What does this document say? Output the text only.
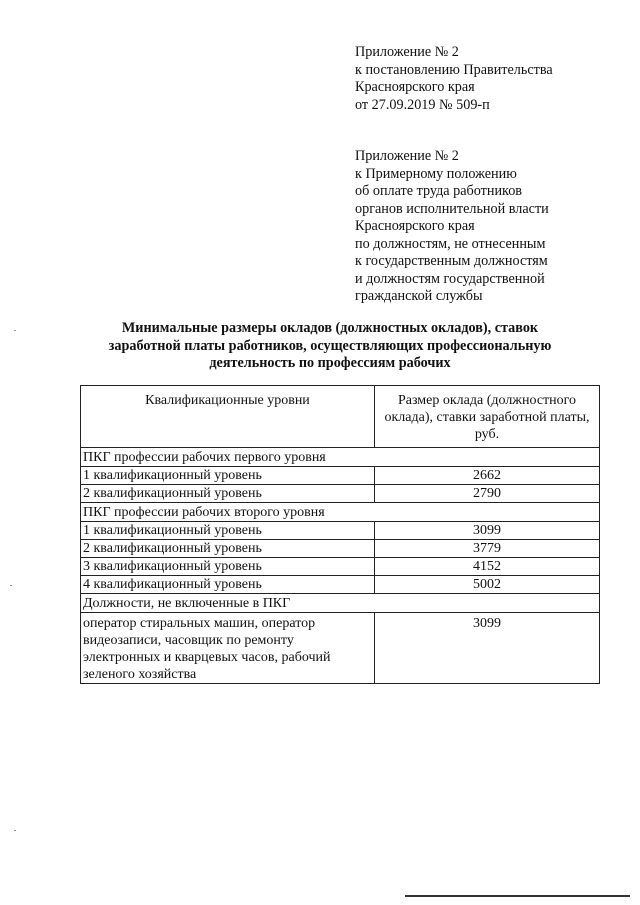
Приложение № 2
к постановлению Правительства
Красноярского края
от 27.09.2019 № 509-п
Приложение № 2
к Примерному положению
об оплате труда работников
органов исполнительной власти
Красноярского края
по должностям, не отнесенным
к государственным должностям
и должностям государственной
гражданской службы
Минимальные размеры окладов (должностных окладов), ставок
заработной платы работников, осуществляющих профессиональную
деятельность по профессиям рабочих
Квалификационные уровни	Размер оклада (должностного оклада), ставки заработной платы, руб.
ПКГ профессии рабочих первого уровня	
1 квалификационный уровень	2662
2 квалификационный уровень	2790
ПКГ профессии рабочих второго уровня	
1 квалификационный уровень	3099
2 квалификационный уровень	3779
3 квалификационный уровень	4152
4 квалификационный уровень	5002
Должности, не включенные в ПКГ	

оператор стиральных машин, оператор
видеозаписи, часовщик по ремонту
электронных и кварцевых часов, рабочий
зеленого хозяйства	3099
